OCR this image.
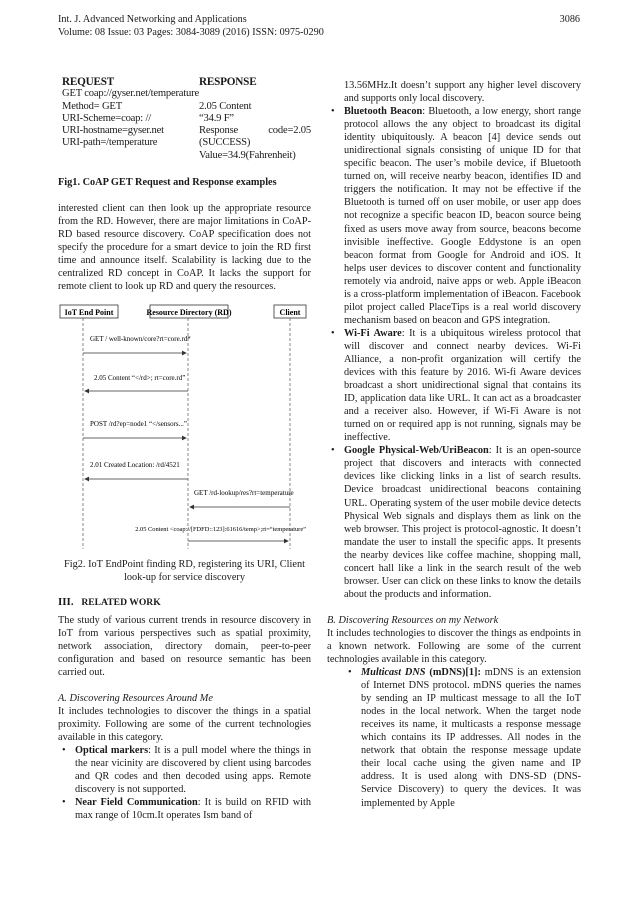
Int. J. Advanced Networking and Applications
Volume: 08 Issue: 03 Pages: 3084-3089 (2016) ISSN: 0975-0290
3086
REQUEST
GET coap://gyser.net/temperature
Method= GET
URI-Scheme=coap: //
URI-hostname=gyser.net
URI-path=/temperature
RESPONSE
2.05 Content
“34.9 F”
Response code=2.05 (SUCCESS)
Value=34.9(Fahrenheit)

Fig1. CoAP GET Request and Response examples

interested client can then look up the appropriate resource from the RD. However, there are major limitations in CoAP-RD based resource discovery. CoAP specification does not specify the procedure for a smart device to join the RD first time and announce itself. Scalability is lacking due to the centralized RD concept in CoAP. It lacks the support for remote client to look up RD and query the resources.

IoT End Point	Resource Directory (RD)	Client
GET / well-known/core?rt=core.rd*
2.05 Content “</rd>; rt=core.rd”
POST /rd?ep=node1 “</sensors...”
2.01 Created Location: /rd/4521
GET /rd-lookup/res?rt=temperature
2.05 Content <coap://[FDFD::123]:61616/temp>;rt=“temperature”

Fig2. IoT EndPoint finding RD, registering its URI, Client look-up for service discovery

III. RELATED WORK

The study of various current trends in resource discovery in IoT from various perspectives such as spatial proximity, network association, directory domain, peer-to-peer configuration and based on resource semantic has been carried out.

A. Discovering Resources Around Me

It includes technologies to discover the things in a spatial proximity. Following are some of the current technologies available in this category.

• Optical markers: It is a pull model where the things in the near vicinity are discovered by client using barcodes and QR codes and then decoded using apps. Remote discovery is not supported.
• Near Field Communication: It is build on RFID with max range of 10cm.It operates Ism band of

13.56MHz.It doesn’t support any higher level discovery and supports only local discovery.

• Bluetooth Beacon: Bluetooth, a low energy, short range protocol allows the any object to broadcast its digital identity ubiquitously. A beacon [4] device sends out unidirectional signals consisting of unique ID for that specific beacon. The user’s mobile device, if Bluetooth turned on, will receive nearby beacon, identifies ID and triggers the notification. It may not be effective if the Bluetooth is turned off on user mobile, or user app does not recognize a specific beacon ID, beacon source being fixed as users move away from source, beacons become invisible ineffective. Google Eddystone is an open beacon format from Google for Android and iOS. It helps user devices to discover content and functionality remotely via android, naive apps or web. Apple iBeacon is a cross-platform implementation of iBeacon. Facebook pilot project called PlaceTips is a real world discovery mechanism based on beacon and GPS integration.
• Wi-Fi Aware: It is a ubiquitous wireless protocol that will discover and connect nearby devices. Wi-Fi Alliance, a non-profit organization will certify the devices with this feature by 2016. Wi-fi Aware devices broadcast a short unidirectional signal that contains its ID, application data like URL. It can act as a broadcaster and a receiver also. However, if Wi-Fi Aware is not turned on or required app is not running, signals may be ineffective.
• Google Physical-Web/UriBeacon: It is an open-source project that discovers and interacts with connected devices like clicking links in a list of search results. Device broadcast unidirectional beacons containing URL. Operating system of the user mobile device detects Physical Web signals and displays them as link on the web browser. This project is protocol-agnostic. It doesn’t mandate the user to install the specific apps. It presents the nearby devices like coffee machine, shopping mall, concert hall like a link in the search result of the web browser. User can click on these links to know the details about the products and information.

B. Discovering Resources on my Network

It includes technologies to discover the things as endpoints in a known network. Following are some of the current technologies available in this category.

• Multicast DNS (mDNS)[1]: mDNS is an extension of Internet DNS protocol. mDNS queries the names by sending an IP multicast message to all the IoT nodes in the local network. When the target node receives its name, it multicasts a response message which contains its IP addresses. All nodes in the network that obtain the response message update their local cache using the given name and IP address. It is used along with DNS-SD (DNS-Service Discovery) to query the devices. It was implemented by Apple
